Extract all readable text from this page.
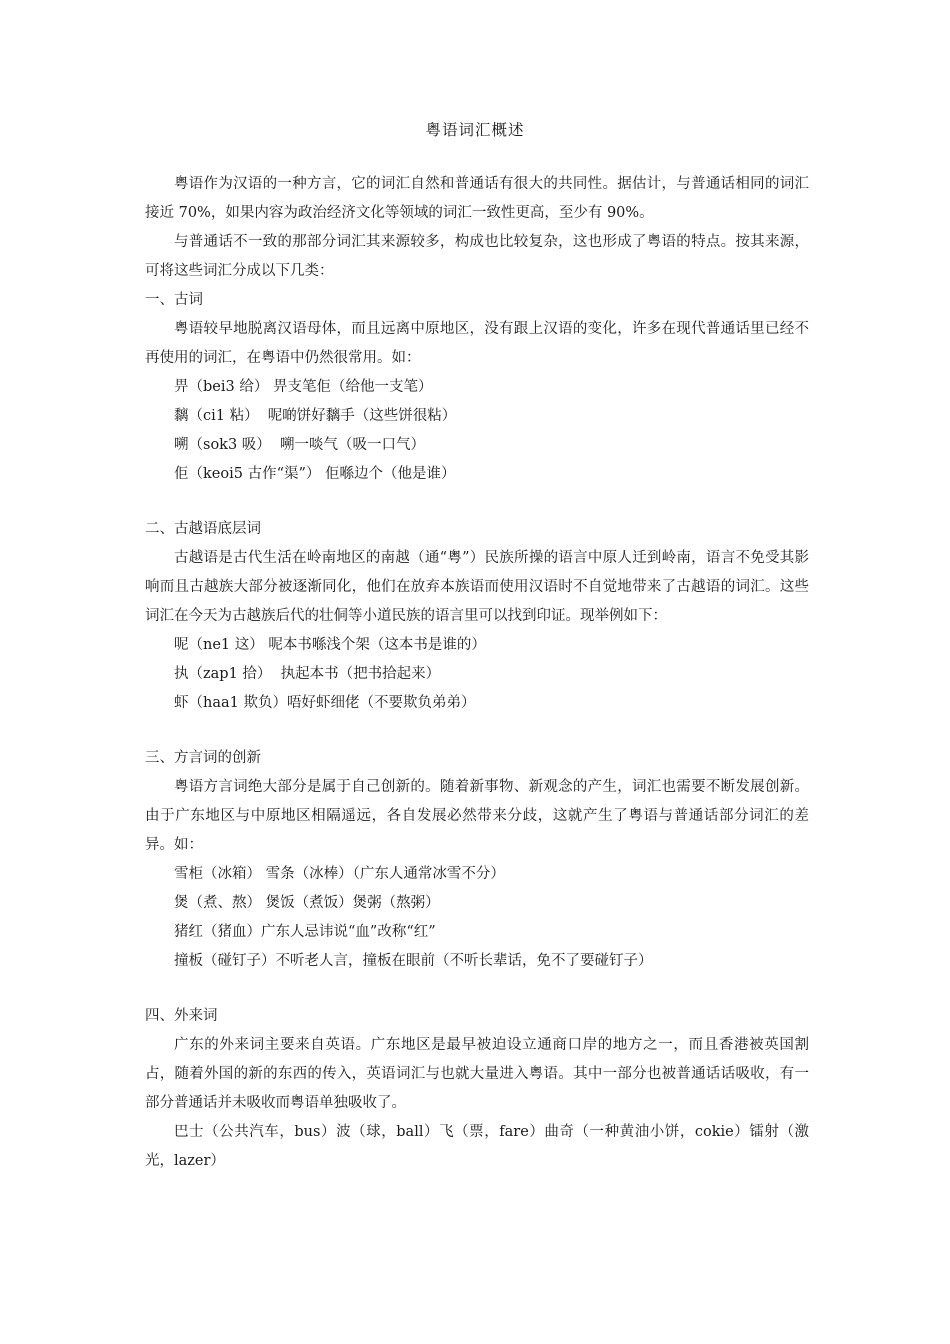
粤语词汇概述

粤语作为汉语的一种方言，它的词汇自然和普通话有很大的共同性。据估计，与普通话相同的词汇接近 70%，如果内容为政治经济文化等领域的词汇一致性更高，至少有 90%。

与普通话不一致的那部分词汇其来源较多，构成也比较复杂，这也形成了粤语的特点。按其来源，可将这些词汇分成以下几类：

一、古词

粤语较早地脱离汉语母体，而且远离中原地区，没有跟上汉语的变化，许多在现代普通话里已经不再使用的词汇，在粤语中仍然很常用。如：

畀（bei3 给） 畀支笔佢（给他一支笔）

黐（ci1 粘）  呢啲饼好黐手（这些饼很粘）

嗍（sok3 吸）  嗍一啖气（吸一口气）

佢（keoi5 古作“渠”） 佢喺边个（他是谁）

二、古越语底层词

古越语是古代生活在岭南地区的南越（通“粤”）民族所操的语言中原人迁到岭南，语言不免受其影响而且古越族大部分被逐渐同化，他们在放弃本族语而使用汉语时不自觉地带来了古越语的词汇。这些词汇在今天为古越族后代的壮侗等小道民族的语言里可以找到印证。现举例如下：

呢（ne1 这） 呢本书喺浅个架（这本书是谁的）

执（zap1 拾）  执起本书（把书拾起来）

虾（haa1 欺负）唔好虾细佬（不要欺负弟弟）

三、方言词的创新

粤语方言词绝大部分是属于自己创新的。随着新事物、新观念的产生，词汇也需要不断发展创新。由于广东地区与中原地区相隔遥远，各自发展必然带来分歧，这就产生了粤语与普通话部分词汇的差异。如：

雪柜（冰箱） 雪条（冰棒）（广东人通常冰雪不分）

煲（煮、熬） 煲饭（煮饭）煲粥（熬粥）

猪红（猪血）广东人忌讳说“血”改称“红”

撞板（碰钉子）不听老人言，撞板在眼前（不听长辈话，免不了要碰钉子）

四、外来词

广东的外来词主要来自英语。广东地区是最早被迫设立通商口岸的地方之一，而且香港被英国割占，随着外国的新的东西的传入，英语词汇与也就大量进入粤语。其中一部分也被普通话话吸收，有一部分普通话并未吸收而粤语单独吸收了。

巴士（公共汽车，bus）波（球，ball）飞（票，fare）曲奇（一种黄油小饼，cokie）镭射（激光，lazer）
